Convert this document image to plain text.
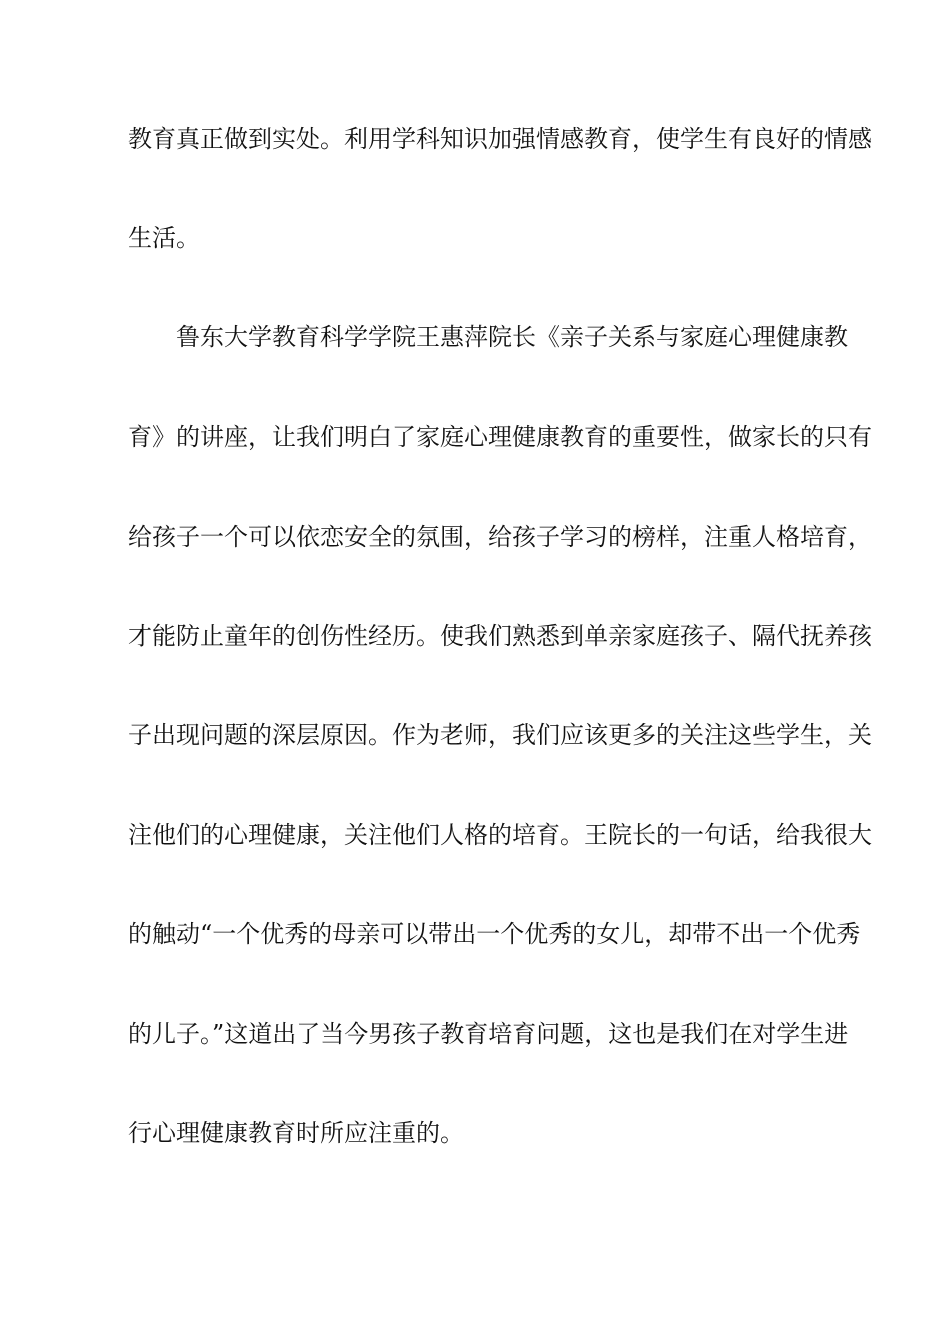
教育真正做到实处。利用学科知识加强情感教育，使学生有良好的情感
生活。
鲁东大学教育科学学院王惠萍院长《亲子关系与家庭心理健康教
育》的讲座，让我们明白了家庭心理健康教育的重要性，做家长的只有
给孩子一个可以依恋安全的氛围，给孩子学习的榜样，注重人格培育，
才能防止童年的创伤性经历。使我们熟悉到单亲家庭孩子、隔代抚养孩
子出现问题的深层原因。作为老师，我们应该更多的关注这些学生，关
注他们的心理健康，关注他们人格的培育。王院长的一句话，给我很大
的触动“一个优秀的母亲可以带出一个优秀的女儿，却带不出一个优秀
的儿子。”这道出了当今男孩子教育培育问题，这也是我们在对学生进
行心理健康教育时所应注重的。
